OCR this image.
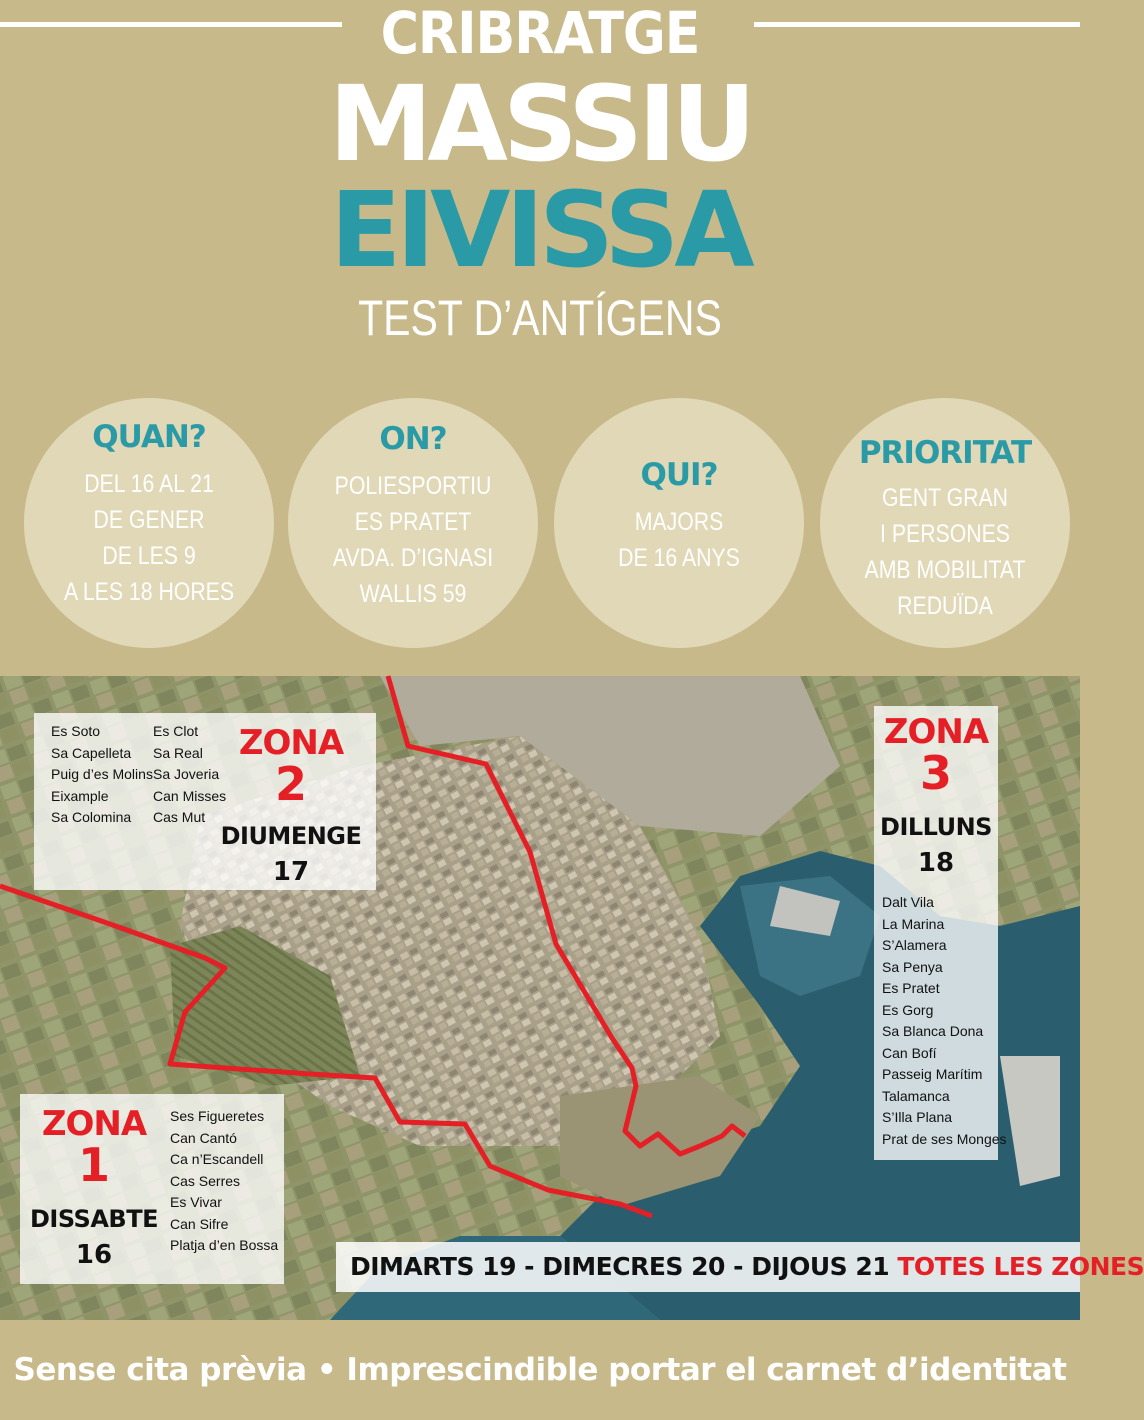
CRIBRATGE
MASSIU
EIVISSA
TEST D’ANTÍGENS
QUAN?
DEL 16 AL 21
DE GENER
DE LES 9
A LES 18 HORES
ON?
POLIESPORTIU
ES PRATET
AVDA. D’IGNASI
WALLIS 59
QUI?
MAJORS
DE 16 ANYS
PRIORITAT
GENT GRAN
I PERSONES
AMB MOBILITAT
REDUÏDA
Es Soto
Sa Capelleta
Puig d’es Molins
Eixample
Sa Colomina
Es Clot
Sa Real
Sa Joveria
Can Misses
Cas Mut
ZONA
2
DIUMENGE
17
ZONA
3
DILLUNS
18
Dalt Vila
La Marina
S’Alamera
Sa Penya
Es Pratet
Es Gorg
Sa Blanca Dona
Can Bofí
Passeig Marítim
Talamanca
S’Illa Plana
Prat de ses Monges
ZONA
1
DISSABTE
16
Ses Figueretes
Can Cantó
Ca n’Escandell
Cas Serres
Es Vivar
Can Sifre
Platja d’en Bossa
DIMARTS 19 - DIMECRES 20 - DIJOUS 21 TOTES LES ZONES
Sense cita prèvia • Imprescindible portar el carnet d’identitat
